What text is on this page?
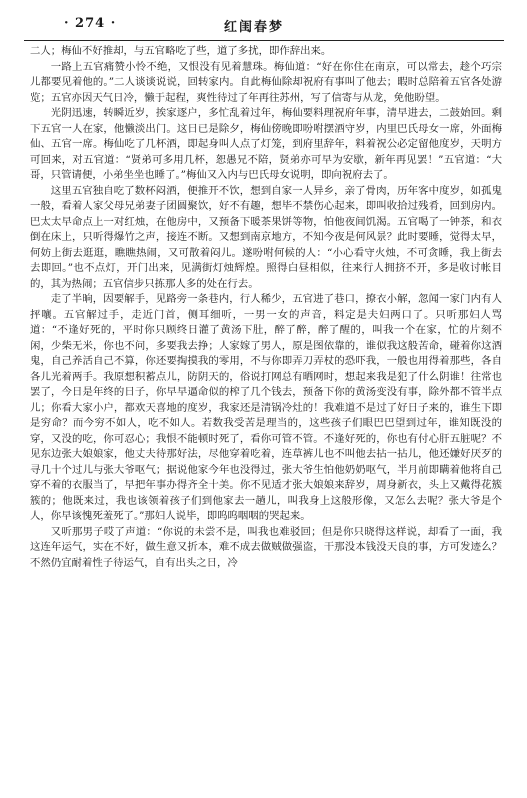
· 274 ·	红闺春梦

二人；梅仙不好推却，与五官略吃了些，道了多扰，即作辞出来。

一路上五官痛赞小怜不绝，又恨没有见着慧珠。梅仙道：“好在你住在南京，可以常去，趁个巧宗儿都要见着他的。”二人谈谈说说，回转家内。自此梅仙除却祝府有事叫了他去；暇时总陪着五官各处游览；五官亦因天气日冷，懒于起程，爽性待过了年再往苏州，写了信寄与从龙，免他盼望。

光阴迅速，转瞬近岁，挨家逐户，多忙乱着过年，梅仙要料理祝府年事，清早进去，二鼓始回。剩下五官一人在家，他懒淡出门。这日已是除夕，梅仙傍晚即吩咐摆酒守岁，内里巴氏母女一席，外面梅仙、五官一席。梅仙吃了几杯酒，即起身叫人点了灯笼，到府里辞年，料着祝公必定留他度岁，天明方可回来，对五官道：“贤弟可多用几杯，恕愚兄不陪，贤弟亦可早为安歇，新年再见罢！”五官道：“大哥，只管请便，小弟坐坐也睡了。”梅仙又入内与巴氏母女说明，即向祝府去了。

这里五官独自吃了数杯闷酒，便推开不饮，想到自家一人异乡，亲了骨肉，历年客中度岁，如孤鬼一般，看着人家父母兄弟妻子团圆聚饮，好不有趣，想毕不禁伤心起来，即叫收拾过残肴，回到房内。巴太太早命点上一对红烛，在他房中，又预备下暖茶果饼等物，怕他夜间饥渴。五官喝了一钟茶，和衣倒在床上，只听得爆竹之声，接连不断。又想到南京地方，不知今夜是何风景？此时要睡，觉得太早，何妨上街去逛逛，瞧瞧热闹，又可散着闷儿。遂吩咐何候的人：“小心看守火烛，不可贪睡，我上街去去即回。”也不点灯，开门出来，见满街灯烛辉煌。照得白昼相似，往来行人拥挤不开，多是收讨帐目的，其为热闹；五官信步只拣那人多的处在行去。

走了半晌，因要解手，见路旁一条巷内，行人稀少，五官进了巷口，撩衣小解，忽闻一家门内有人抨嚷。五官解过手，走近门首，侧耳细听，一男一女的声音，料定是夫妇两口了。只听那妇人骂道：“不逢好死的，平时你只顾终日灌了黄汤下肚，醉了醉，醉了醒的，叫我一个在家，忙的片刻不闲，少柴无米，你也不问，多要我去挣；人家嫁了男人，原是图依靠的，谁似我这般苦命，碰着你这酒鬼，自己养活自己不算，你还要掏摸我的零用，不与你即弄刀弄杖的恐吓我，一般也用得着那些，各自各儿光着两手。我原想积蓄点儿，防阴天的，俗说打网总有晒网时，想起来我是犯了什么阴谁！往常也罢了，今日是年终的日子，你早早逼命似的榨了几个钱去，预备下你的黄汤变没有事，除外都不管半点儿；你看大家小户，都欢天喜地的度岁，我家还是清锅冷灶的！我难道不是过了好日子来的，谁生下即是穷命？而今穷不如人，吃不如人。若数我受苦是理当的，这些孩子们眼巴巴望到过年，谁知既没的穿，又没的吃，你可忍心；我恨不能顿时死了，看你可管不管。不逢好死的，你也有付心肝五脏呢？不见东边张大娘娘家，他丈夫待那好法，尽他穿着吃着，连草裤儿也不叫他去拈一拈儿，他还嫌好厌歹的寻几十个过儿与张大爷呕气；据说他家今年也没得过，张大爷生怕他奶奶呕气，半月前即瞒着他将自己穿不着的衣服当了，早把年事办得齐全十美。你不见适才张大娘娘来辞岁，周身新衣，头上又戴得花簇簇的；他既来过，我也该领着孩子们到他家去一趟儿，叫我身上这般形像，又怎么去呢？张大爷是个人，你早该愧死羞死了。”那妇人说毕，即呜呜咽咽的哭起来。

又听那男子哎了声道：“你说的未尝不是，叫我也难驳回；但是你只晓得这样说，却看了一面，我这连年运气，实在不好，做生意又折本，难不成去做贼做强盗，干那没本钱没天良的事，方可发迹么？不然仍宜耐着性子待运气，自有出头之日，冷
